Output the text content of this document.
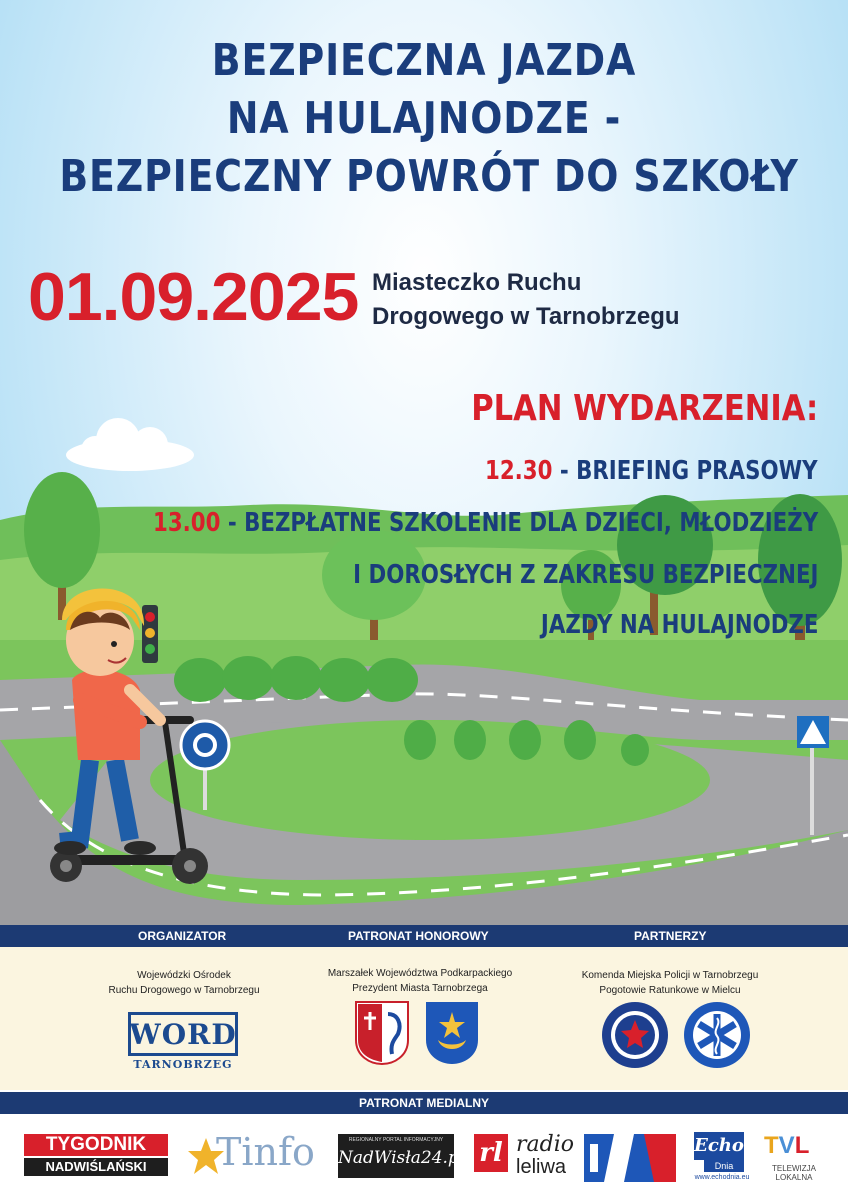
BEZPIECZNA JAZDA
NA HULAJNODZE -
BEZPIECZNY POWRÓT DO SZKOŁY
01.09.2025 Miasteczko Ruchu
Drogowego w Tarnobrzegu
PLAN WYDARZENIA:
12.30 - BRIEFING PRASOWY
13.00 - BEZPŁATNE SZKOLENIE DLA DZIECI, MŁODZIEŻY
I DOROSŁYCH Z ZAKRESU BEZPIECZNEJ
JAZDY NA HULAJNODZE
ORGANIZATOR	PATRONAT HONOROWY	PARTNERZY
Wojewódzki Ośrodek
Ruchu Drogowego w Tarnobrzegu
WORD
TARNOBRZEG
Marszałek Województwa Podkarpackiego
Prezydent Miasta Tarnobrzega
Komenda Miejska Policji w Tarnobrzegu
Pogotowie Ratunkowe w Mielcu
PATRONAT MEDIALNY
TYGODNIK
NADWIŚLAŃSKI	Tinfo	REGIONALNY PORTAL INFORMACYJNY
NadWisła24.pl rl radio
leliwa
Echo
Dnia
www.echodnia.eu
TVL
TELEWIZJA
LOKALNA
